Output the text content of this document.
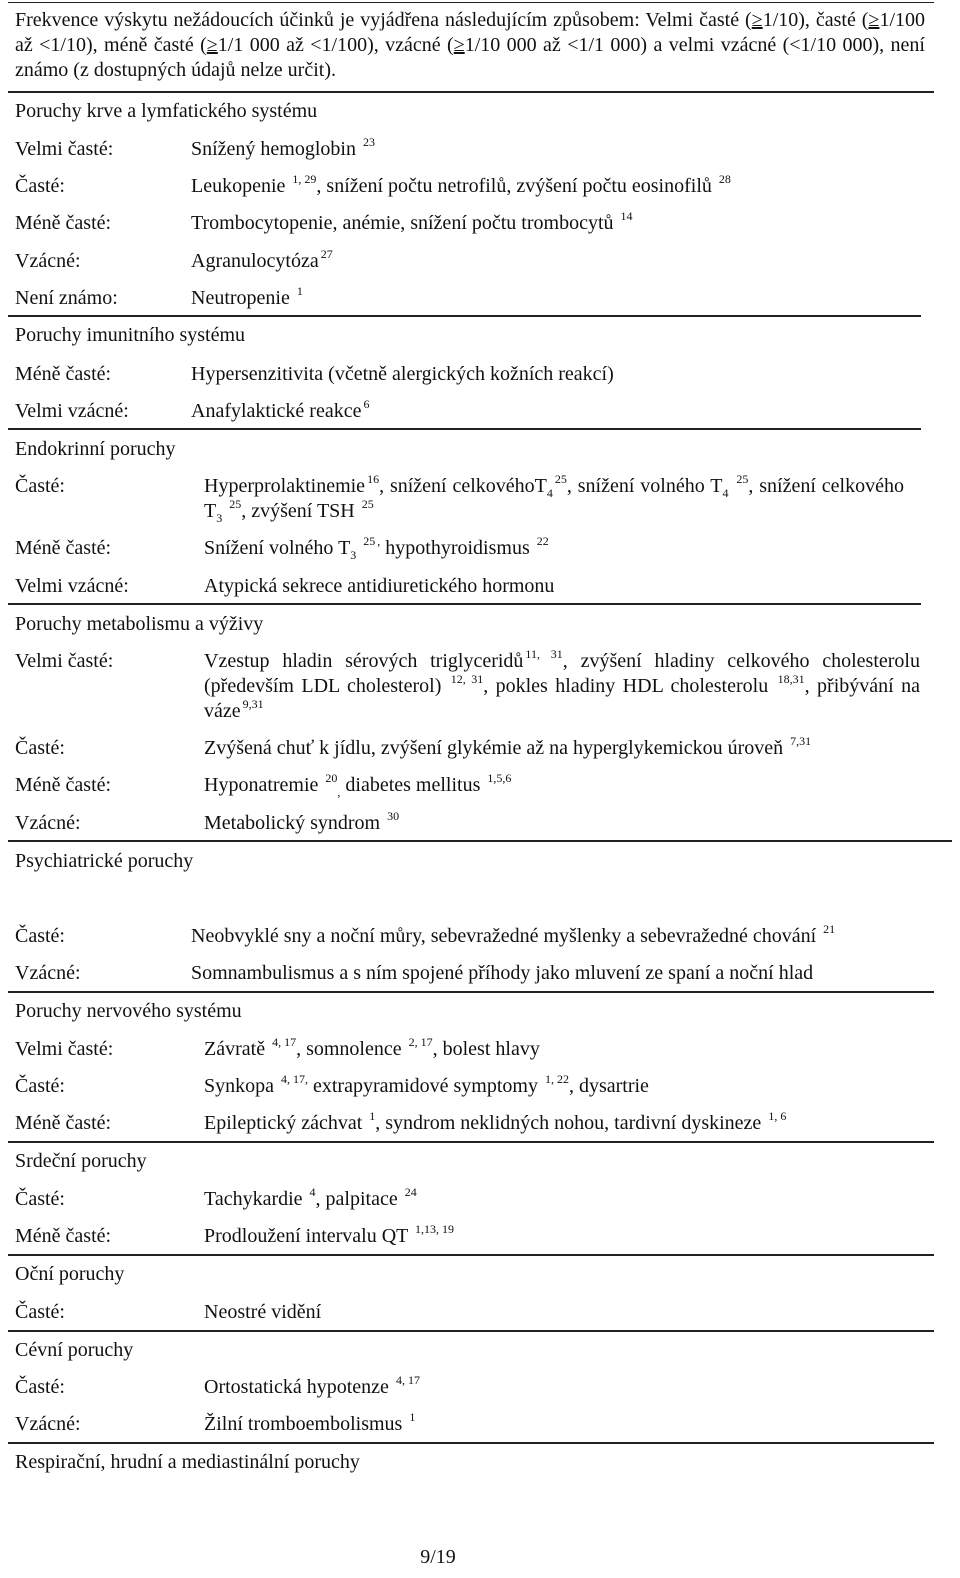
Frekvence výskytu nežádoucích účinků je vyjádřena následujícím způsobem: Velmi časté (≥1/10), časté (≥1/100 až <1/10), méně časté (≥1/1 000 až <1/100), vzácné (≥1/10 000 až <1/1 000) a velmi vzácné (<1/10 000), není známo (z dostupných údajů nelze určit).
Poruchy krve a lymfatického systému
Velmi časté:	Snížený hemoglobin $^{23}$
Časté:	Leukopenie $^{1, 29}$, snížení počtu netrofilů, zvýšení počtu eosinofilů $^{28}$
Méně časté:	Trombocytopenie, anémie, snížení počtu trombocytů $^{14}$
Vzácné:	Agranulocytóza $^{27}$
Není známo:	Neutropenie $^1$
Poruchy imunitního systému
Méně časté:	Hypersenzitivita (včetně alergických kožních reakcí)
Velmi vzácné:	Anafylaktické reakce $^6$
Endokrinní poruchy
Časté:	Hyperprolaktinemie $^{16}$, snížení celkovéhoT$_4^{25}$, snížení volného $T_4$ $^{25}$, snížení celkového $T_3$ $^{25}$, zvýšení TSH $^{25}$
Méně časté:	Snížení volného $T_3$ $^{25}$ , hypothyroidismus $^{22}$
Velmi vzácné:	Atypická sekrece antidiuretického hormonu
Poruchy metabolismu a výživy
Velmi časté:	Vzestup hladin sérových triglyceridů $^{11, 31}$, zvýšení hladiny celkového cholesterolu (především LDL cholesterol) $^{12, 31}$, pokles hladiny HDL cholesterolu $^{18,31}$, přibývání na váze $^{9,31}$
Časté:	Zvýšená chuť k jídlu, zvýšení glykémie až na hyperglykemickou úroveň $^{7,31}$
Méně časté:	Hyponatremie $^{20}_,$ diabetes mellitus $^{1,5,6}$
Vzácné:	Metabolický syndrom $^{30}$
Psychiatrické poruchy
Časté:	Neobvyklé sny a noční můry, sebevražedné myšlenky a sebevražedné chování $^{21}$
Vzácné:	Somnambulismus a s ním spojené příhody jako mluvení ze spaní a noční hlad
Poruchy nervového systému
Velmi časté:	Závratě $^{4, 17}$, somnolence $^{2, 17}$, bolest hlavy
Časté:	Synkopa $^{4, 17,}$ extrapyramidové symptomy $^{1, 22}$, dysartrie
Méně časté:	Epileptický záchvat $^1$, syndrom neklidných nohou, tardivní dyskineze $^{1, 6}$
Srdeční poruchy
Časté:	Tachykardie $^4$, palpitace $^{24}$
Méně časté:	Prodloužení intervalu QT $^{1,13, 19}$
Oční poruchy
Časté:	Neostré vidění
Cévní poruchy
Časté:	Ortostatická hypotenze $^{4, 17}$
Vzácné:	Žilní tromboembolismus $^1$
Respirační, hrudní a mediastinální poruchy
9/19
